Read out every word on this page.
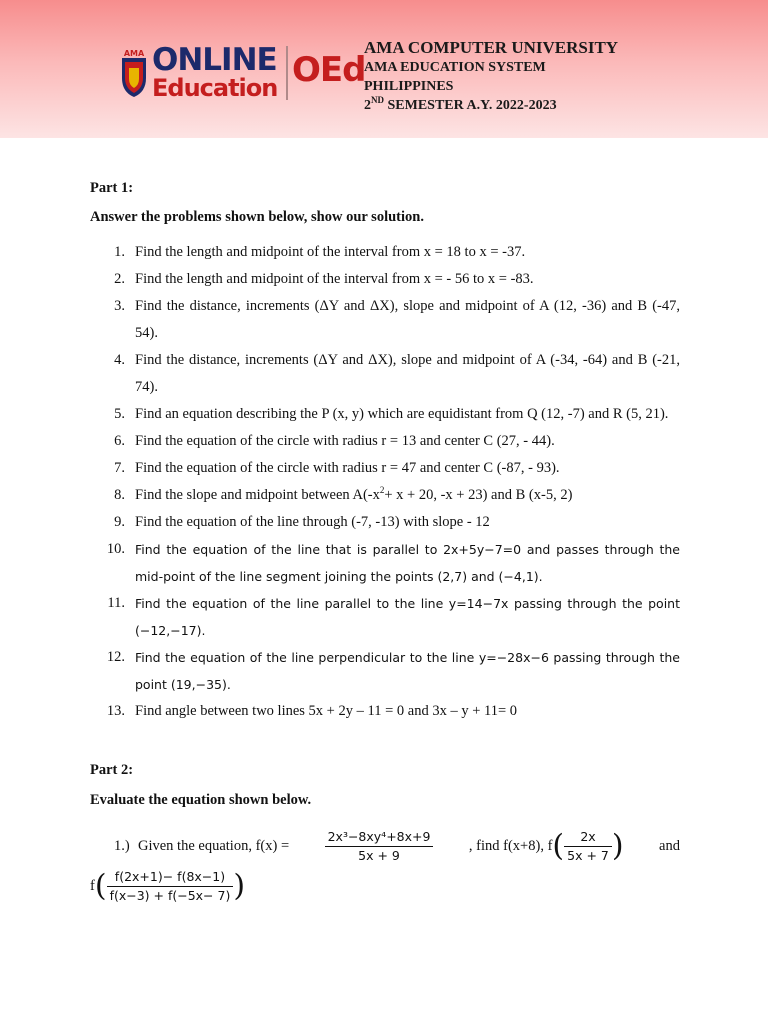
AMA ONLINE
Education OEd
AMA COMPUTER UNIVERSITY
AMA EDUCATION SYSTEM
PHILIPPINES
2ND SEMESTER A.Y. 2022-2023
Part 1:
Answer the problems shown below, show our solution.
1. Find the length and midpoint of the interval from x = 18 to x = -37.
2. Find the length and midpoint of the interval from x = - 56 to x = -83.
3. Find the distance, increments (ΔY and ΔX), slope and midpoint of A (12, -36) and B (-47, 54).
4. Find the distance, increments (ΔY and ΔX), slope and midpoint of A (-34, -64) and B (-21, 74).
5. Find an equation describing the P (x, y) which are equidistant from Q (12, -7) and R (5, 21).
6. Find the equation of the circle with radius r = 13 and center C (27, - 44).
7. Find the equation of the circle with radius r = 47 and center C (-87, - 93).
8. Find the slope and midpoint between $A(-x^2+ x + 20$, -x + 23) and B (x-5, 2)
9. Find the equation of the line through (-7, -13) with slope - 12
10. Find the equation of the line that is parallel to 2x+5y−7=0 and passes through the mid-point of the line segment joining the points (2,7) and (−4,1).
11. Find the equation of the line parallel to the line y=14−7x passing through the point (−12,−17).
12. Find the equation of the line perpendicular to the line y=−28x−6 passing through the point (19,−35).
13. Find angle between two lines 5x + 2y – 11 = 0 and 3x – y + 11= 0
Part 2:
Evaluate the equation shown below.
1.) Given the equation, f(x) =	$\frac{\text{2x³−8xy⁴+8x+9}}{5x + 9}$ , find f(x+8), $f( \frac{2x}{5x + 7}$ ) and
$f( \frac{f(2x+1)- f(8x-1)}{f(x-3) + f(-5x- 7)}$ )
